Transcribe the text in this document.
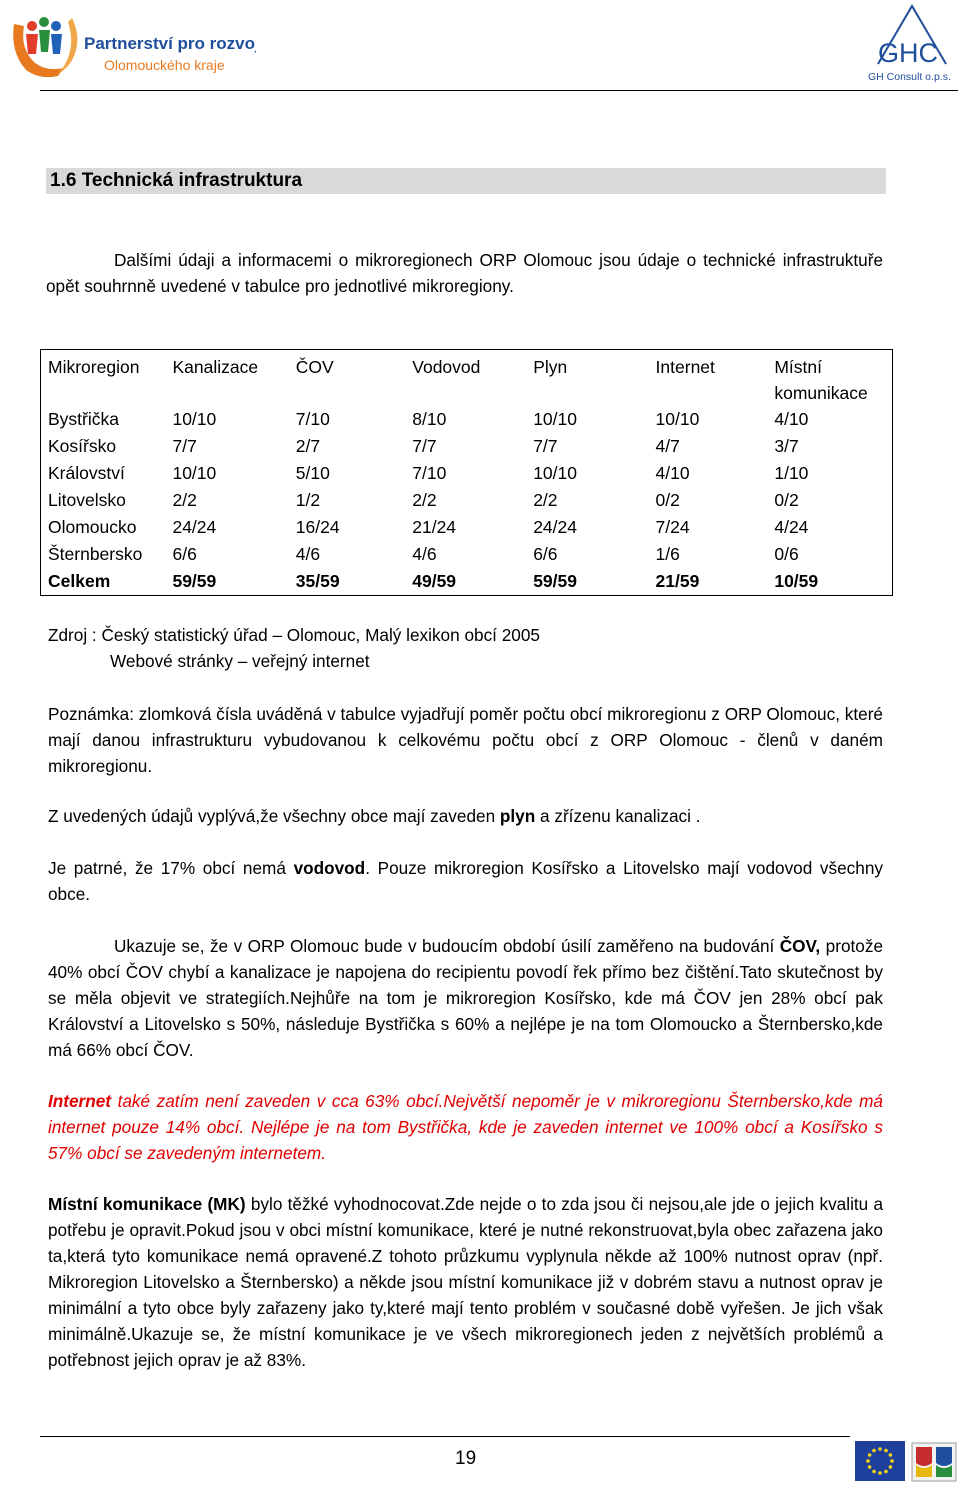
Partnerství pro rozvoj
Olomouckého kraje	GHC
GH Consult o.p.s.
1.6 Technická infrastruktura

Dalšími údaji a informacemi o mikroregionech ORP Olomouc jsou údaje o technické infrastruktuře opět souhrnně uvedené v tabulce pro jednotlivé mikroregiony.

Mikroregion	Kanalizace	ČOV	Vodovod	Plyn	Internet	Místní komunikace
Bystřička	10/10	7/10	8/10	10/10	10/10	4/10
Kosířsko	7/7	2/7	7/7	7/7	4/7	3/7
Království	10/10	5/10	7/10	10/10	4/10	1/10
Litovelsko	2/2	1/2	2/2	2/2	0/2	0/2
Olomoucko	24/24	16/24	21/24	24/24	7/24	4/24
Šternbersko	6/6	4/6	4/6	6/6	1/6	0/6
Celkem	59/59	35/59	49/59	59/59	21/59	10/59
Zdroj : Český statistický úřad – Olomouc, Malý lexikon obcí 2005
Webové stránky – veřejný internet

Poznámka: zlomková čísla uváděná v tabulce vyjadřují poměr počtu obcí mikroregionu z ORP Olomouc, které mají danou infrastrukturu vybudovanou k celkovému počtu obcí z ORP Olomouc - členů v daném mikroregionu.

Z uvedených údajů vyplývá,že všechny obce mají zaveden plyn a zřízenu kanalizaci .

Je patrné, že 17% obcí nemá vodovod. Pouze mikroregion Kosířsko a Litovelsko mají vodovod všechny obce.

Ukazuje se, že v ORP Olomouc bude v budoucím období úsilí zaměřeno na budování ČOV, protože 40% obcí ČOV chybí a kanalizace je napojena do recipientu povodí řek přímo bez čištění.Tato skutečnost by se měla objevit ve strategiích.Nejhůře na tom je mikroregion Kosířsko, kde má ČOV jen 28% obcí pak Království a Litovelsko s 50%, následuje Bystřička s 60% a nejlépe je na tom Olomoucko a Šternbersko,kde má 66% obcí ČOV.

Internet také zatím není zaveden v cca 63% obcí.Největší nepoměr je v mikroregionu Šternbersko,kde má internet pouze 14% obcí. Nejlépe je na tom Bystřička, kde je zaveden internet ve 100% obcí a Kosířsko s 57% obcí se zavedeným internetem.

Místní komunikace (MK) bylo těžké vyhodnocovat.Zde nejde o to zda jsou či nejsou,ale jde o jejich kvalitu a potřebu je opravit.Pokud jsou v obci místní komunikace, které je nutné rekonstruovat,byla obec zařazena jako ta,která tyto komunikace nemá opravené.Z tohoto průzkumu vyplynula někde až 100% nutnost oprav (npř. Mikroregion Litovelsko a Šternbersko) a někde jsou místní komunikace již v dobrém stavu a nutnost oprav je minimální a tyto obce byly zařazeny jako ty,které mají tento problém v současné době vyřešen. Je jich však minimálně.Ukazuje se, že místní komunikace je ve všech mikroregionech jeden z největších problémů a potřebnost jejich oprav je až 83%.

19
